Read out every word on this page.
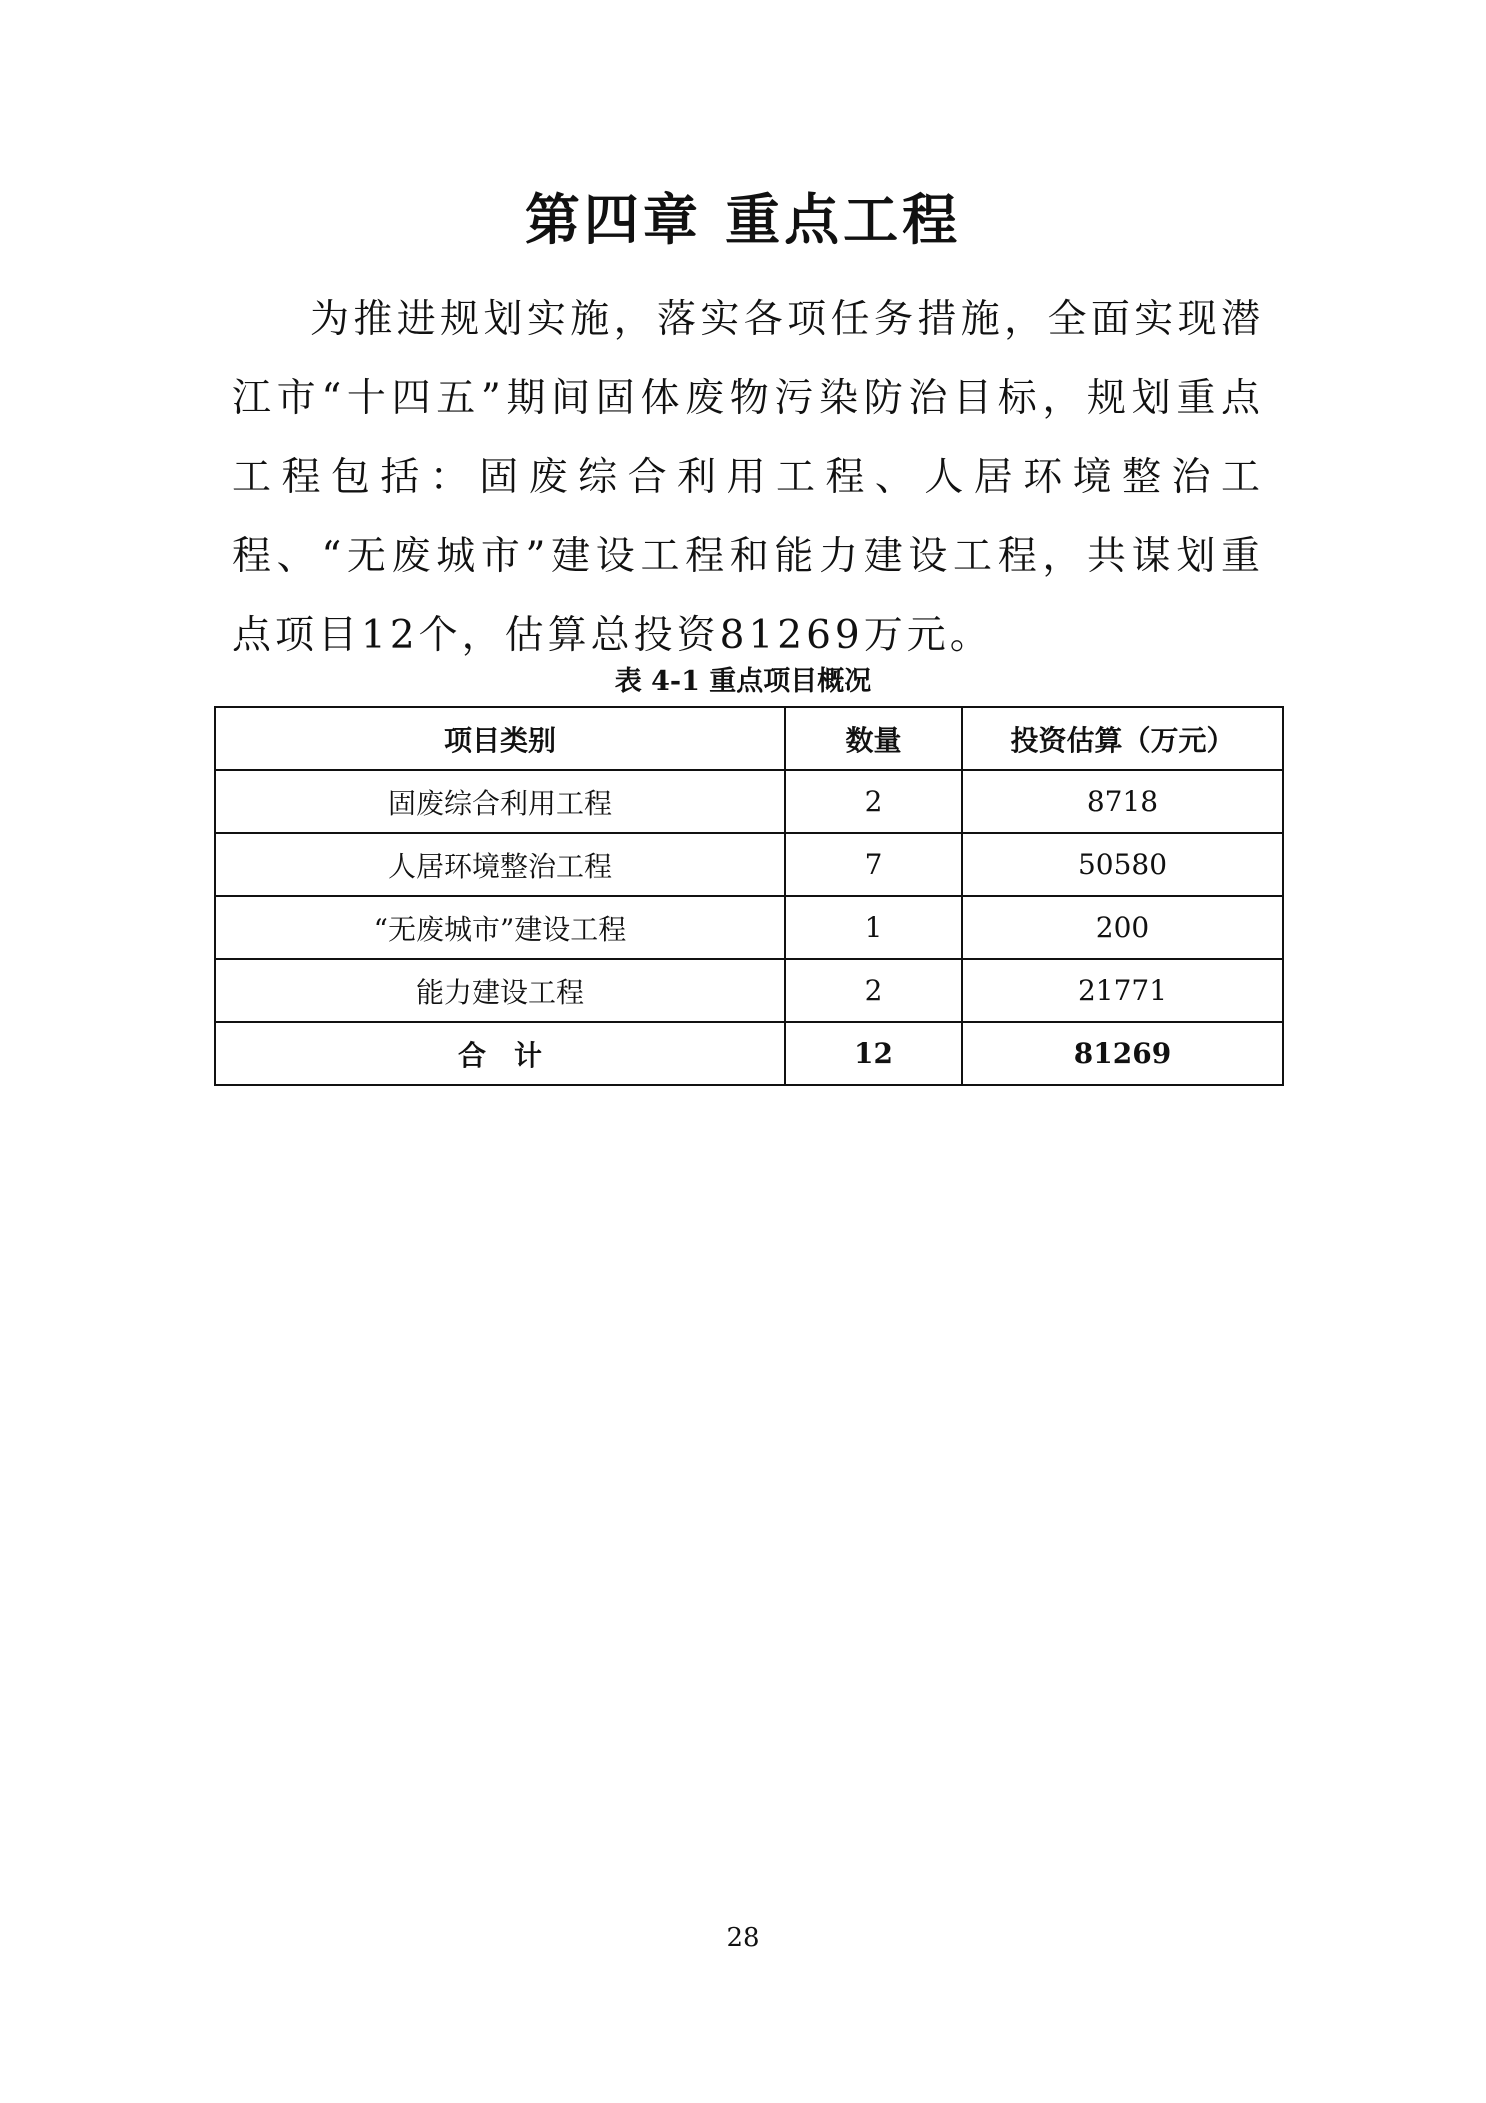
第四章 重点工程

为推进规划实施，落实各项任务措施，全面实现潜江市“十四五”期间固体废物污染防治目标，规划重点工程包括：固废综合利用工程、人居环境整治工程、“无废城市”建设工程和能力建设工程，共谋划重点项目12个，估算总投资81269万元。

表 4-1 重点项目概况
项目类别	数量	投资估算（万元）
固废综合利用工程	2	8718
人居环境整治工程	7	50580
“无废城市”建设工程	1	200
能力建设工程	2	21771
合计	12	81269
28
